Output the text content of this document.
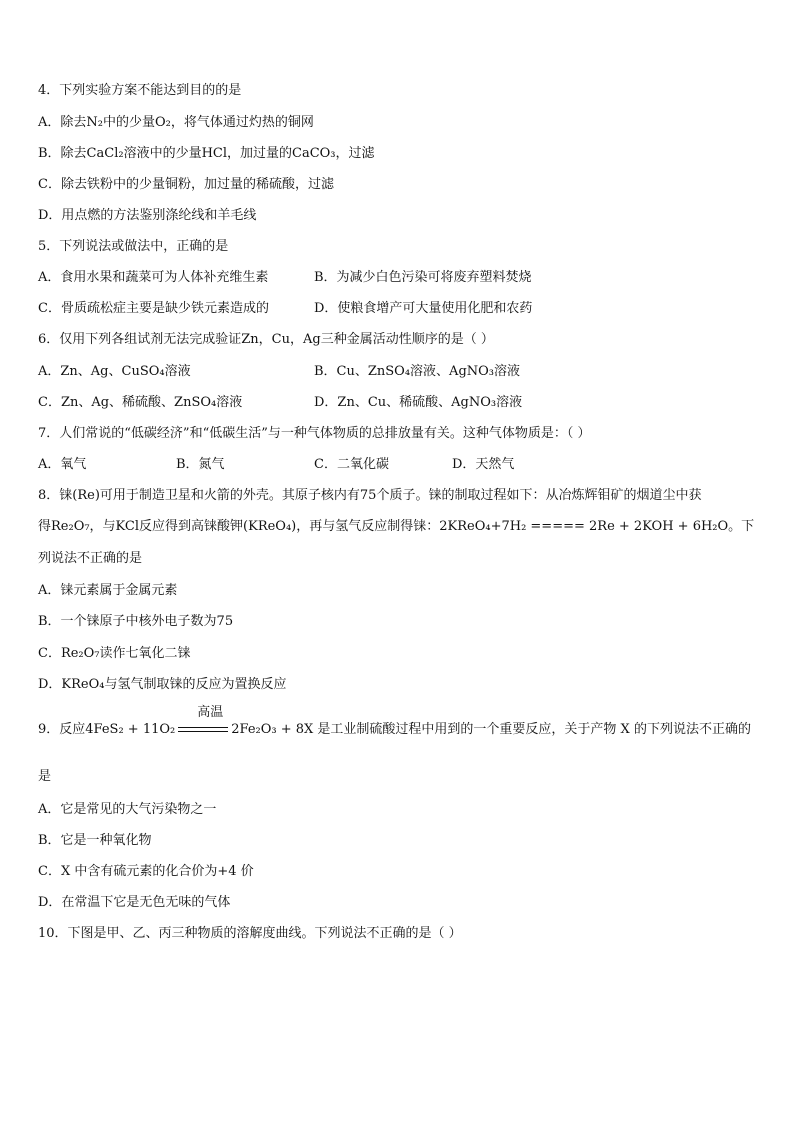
4．下列实验方案不能达到目的的是
A．除去N₂中的少量O₂，将气体通过灼热的铜网
B．除去CaCl₂溶液中的少量HCl，加过量的CaCO₃，过滤
C．除去铁粉中的少量铜粉，加过量的稀硫酸，过滤
D．用点燃的方法鉴别涤纶线和羊毛线
5．下列说法或做法中，正确的是
A．食用水果和蔬菜可为人体补充维生素	B．为减少白色污染可将废弃塑料焚烧
C．骨质疏松症主要是缺少铁元素造成的	D．使粮食增产可大量使用化肥和农药
6．仅用下列各组试剂无法完成验证Zn，Cu，Ag三种金属活动性顺序的是（ ）
A．Zn、Ag、CuSO₄溶液	B．Cu、ZnSO₄溶液、AgNO₃溶液
C．Zn、Ag、稀硫酸、ZnSO₄溶液	D．Zn、Cu、稀硫酸、AgNO₃溶液
7．人们常说的“低碳经济”和“低碳生活”与一种气体物质的总排放量有关。这种气体物质是：（ ）
A．氧气	B．氮气	C．二氧化碳	D．天然气
8．铼(Re)可用于制造卫星和火箭的外壳。其原子核内有75个质子。铼的制取过程如下：从冶炼辉钼矿的烟道尘中获
得Re₂O₇，与KCl反应得到高铼酸钾(KReO₄)，再与氢气反应制得铼：2KReO₄+7H₂ ===== 2Re + 2KOH + 6H₂O。下
列说法不正确的是
A．铼元素属于金属元素
B．一个铼原子中核外电子数为75
C．Re₂O₇读作七氧化二铼
D．KReO₄与氢气制取铼的反应为置换反应
9．反应4FeS₂ + 11O₂
高温
2Fe₂O₃ + 8X 是工业制硫酸过程中用到的一个重要反应，关于产物 X 的下列说法不正确的
是
A．它是常见的大气污染物之一
B．它是一种氧化物
C．X 中含有硫元素的化合价为+4 价
D．在常温下它是无色无味的气体
10．下图是甲、乙、丙三种物质的溶解度曲线。下列说法不正确的是（ ）
